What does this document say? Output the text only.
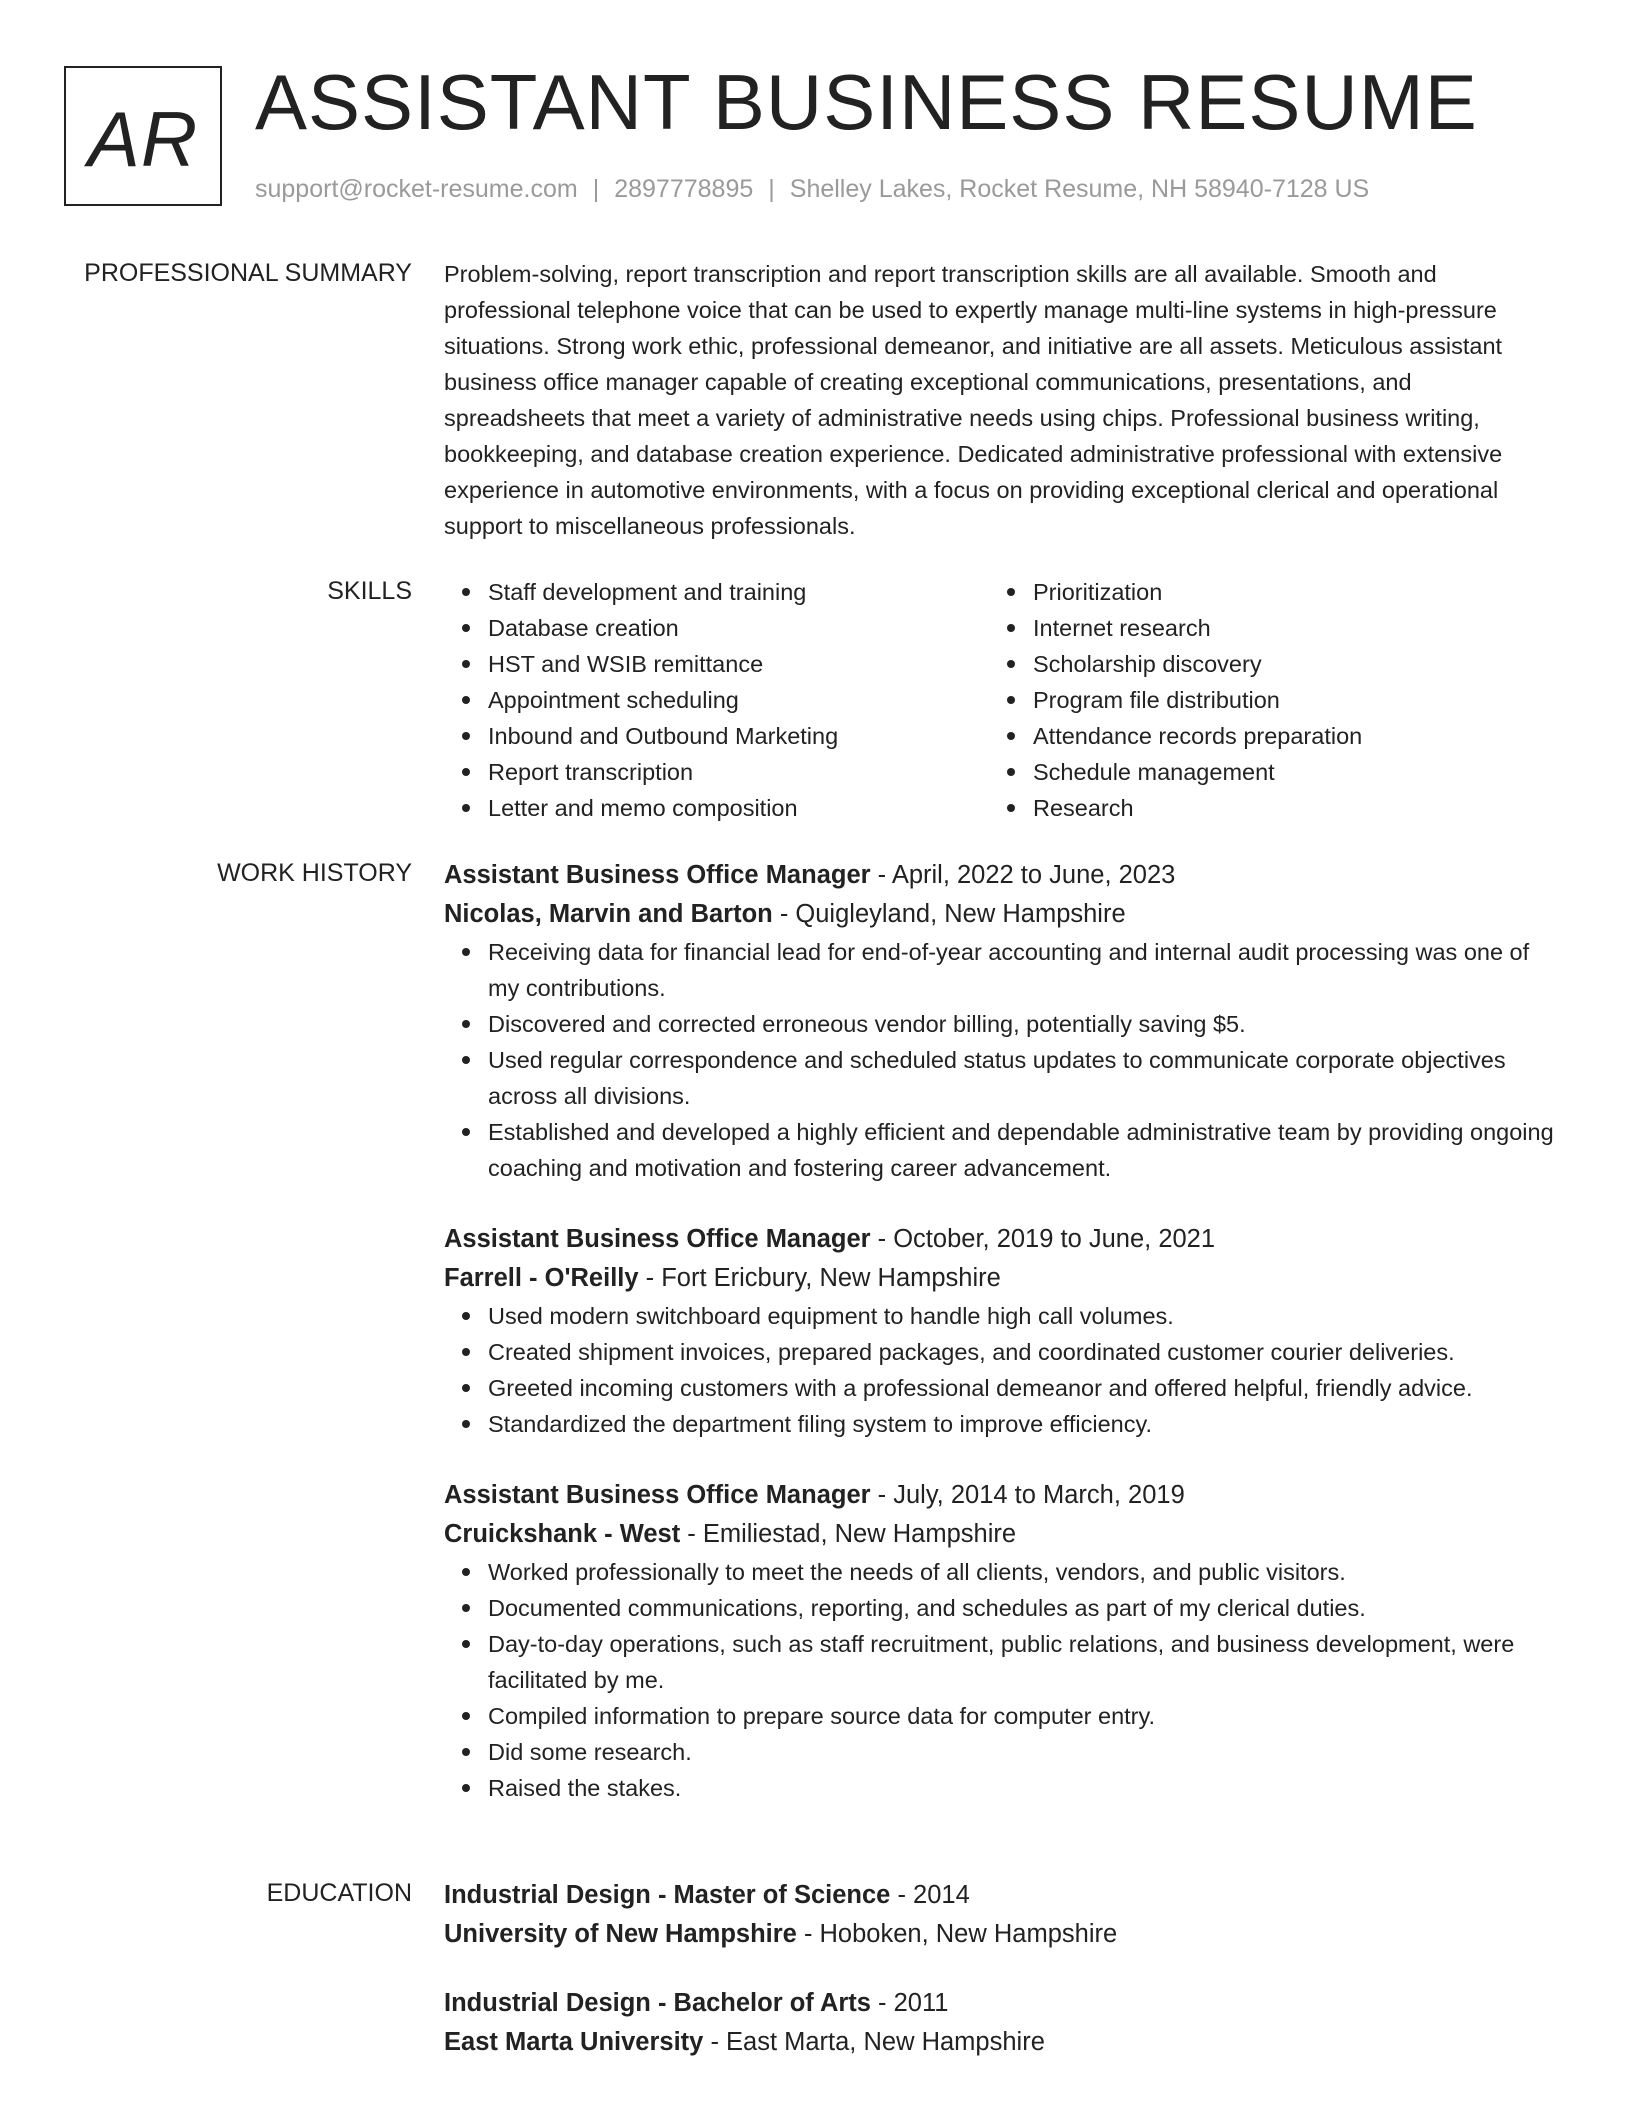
AR ASSISTANT BUSINESS RESUME
support@rocket-resume.com | 2897778895 | Shelley Lakes, Rocket Resume, NH 58940-7128 US
PROFESSIONAL SUMMARY Problem-solving, report transcription and report transcription skills are all available. Smooth and professional telephone voice that can be used to expertly manage multi-line systems in high-pressure situations. Strong work ethic, professional demeanor, and initiative are all assets. Meticulous assistant business office manager capable of creating exceptional communications, presentations, and spreadsheets that meet a variety of administrative needs using chips. Professional business writing, bookkeeping, and database creation experience. Dedicated administrative professional with extensive experience in automotive environments, with a focus on providing exceptional clerical and operational support to miscellaneous professionals.

SKILLS	Staff development and training
Database creation
HST and WSIB remittance
Appointment scheduling
Inbound and Outbound Marketing
Report transcription
Letter and memo composition
Prioritization
Internet research
Scholarship discovery
Program file distribution
Attendance records preparation
Schedule management
Research
WORK HISTORY Assistant Business Office Manager - April, 2022 to June, 2023
Nicolas, Marvin and Barton - Quigleyland, New Hampshire
Receiving data for financial lead for end-of-year accounting and internal audit processing was one of my contributions.
Discovered and corrected erroneous vendor billing, potentially saving $5.
Used regular correspondence and scheduled status updates to communicate corporate objectives across all divisions.
Established and developed a highly efficient and dependable administrative team by providing ongoing coaching and motivation and fostering career advancement.
Assistant Business Office Manager - October, 2019 to June, 2021
Farrell - O'Reilly - Fort Ericbury, New Hampshire
Used modern switchboard equipment to handle high call volumes.
Created shipment invoices, prepared packages, and coordinated customer courier deliveries.
Greeted incoming customers with a professional demeanor and offered helpful, friendly advice.
Standardized the department filing system to improve efficiency.
Assistant Business Office Manager - July, 2014 to March, 2019
Cruickshank - West - Emiliestad, New Hampshire
Worked professionally to meet the needs of all clients, vendors, and public visitors.
Documented communications, reporting, and schedules as part of my clerical duties.
Day-to-day operations, such as staff recruitment, public relations, and business development, were facilitated by me.
Compiled information to prepare source data for computer entry.
Did some research.
Raised the stakes.
EDUCATION Industrial Design - Master of Science - 2014
University of New Hampshire - Hoboken, New Hampshire
Industrial Design - Bachelor of Arts - 2011
East Marta University - East Marta, New Hampshire
